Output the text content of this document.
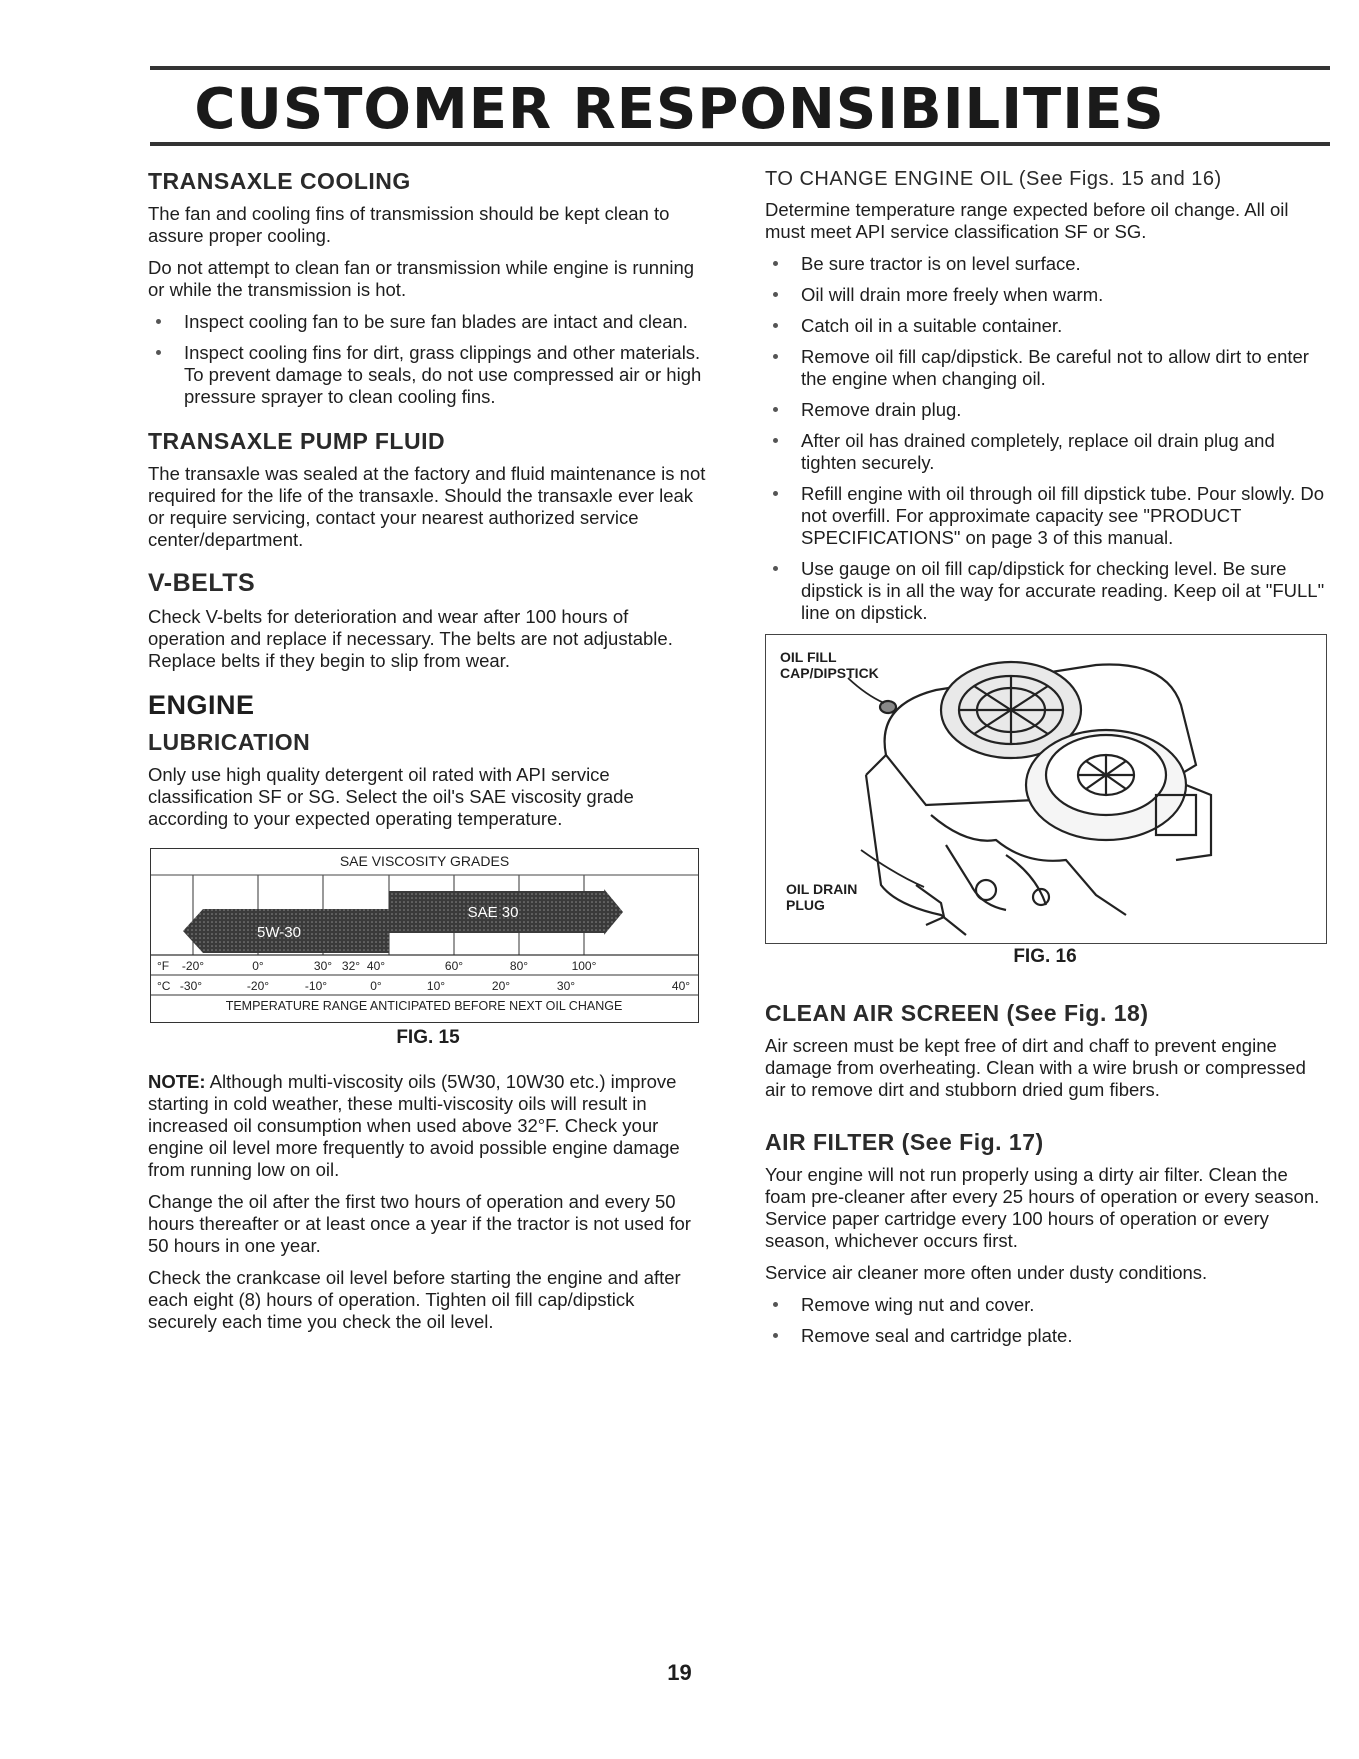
CUSTOMER RESPONSIBILITIES
TRANSAXLE COOLING

The fan and cooling fins of transmission should be kept clean to assure proper cooling.

Do not attempt to clean fan or transmission while engine is running or while the transmission is hot.

Inspect cooling fan to be sure fan blades are intact and clean.
Inspect cooling fins for dirt, grass clippings and other materials. To prevent damage to seals, do not use compressed air or high pressure sprayer to clean cooling fins.
TRANSAXLE PUMP FLUID

The transaxle was sealed at the factory and fluid maintenance is not required for the life of the transaxle. Should the transaxle ever leak or require servicing, contact your nearest authorized service center/department.

V-BELTS

Check V-belts for deterioration and wear after 100 hours of operation and replace if necessary. The belts are not adjustable. Replace belts if they begin to slip from wear.

ENGINE
LUBRICATION

Only use high quality detergent oil rated with API service classification SF or SG. Select the oil's SAE viscosity grade according to your expected operating temperature.

SAE VISCOSITY GRADES
SAE 30
5W-30
°F -20°	0°	30° 32° 40°	60°	80°	100°
°C -30°	-20°	-10°	0°	10°	20°	30°	40°
TEMPERATURE RANGE ANTICIPATED BEFORE NEXT OIL CHANGE
FIG. 15

NOTE: Although multi-viscosity oils (5W30, 10W30 etc.) improve starting in cold weather, these multi-viscosity oils will result in increased oil consumption when used above 32°F. Check your engine oil level more frequently to avoid possible engine damage from running low on oil.

Change the oil after the first two hours of operation and every 50 hours thereafter or at least once a year if the tractor is not used for 50 hours in one year.

Check the crankcase oil level before starting the engine and after each eight (8) hours of operation. Tighten oil fill cap/dipstick securely each time you check the oil level.

TO CHANGE ENGINE OIL (See Figs. 15 and 16)

Determine temperature range expected before oil change. All oil must meet API service classification SF or SG.

Be sure tractor is on level surface.
Oil will drain more freely when warm.
Catch oil in a suitable container.
Remove oil fill cap/dipstick. Be careful not to allow dirt to enter the engine when changing oil.
Remove drain plug.
After oil has drained completely, replace oil drain plug and tighten securely.
Refill engine with oil through oil fill dipstick tube. Pour slowly. Do not overfill. For approximate capacity see "PRODUCT SPECIFICATIONS" on page 3 of this manual.
Use gauge on oil fill cap/dipstick for checking level. Be sure dipstick is in all the way for accurate reading. Keep oil at "FULL" line on dipstick.
OIL FILL
CAP/DIPSTICK
OIL DRAIN
PLUG
FIG. 16
CLEAN AIR SCREEN (See Fig. 18)

Air screen must be kept free of dirt and chaff to prevent engine damage from overheating. Clean with a wire brush or compressed air to remove dirt and stubborn dried gum fibers.

AIR FILTER (See Fig. 17)

Your engine will not run properly using a dirty air filter. Clean the foam pre-cleaner after every 25 hours of operation or every season. Service paper cartridge every 100 hours of operation or every season, whichever occurs first.

Service air cleaner more often under dusty conditions.

Remove wing nut and cover.
Remove seal and cartridge plate.
19
